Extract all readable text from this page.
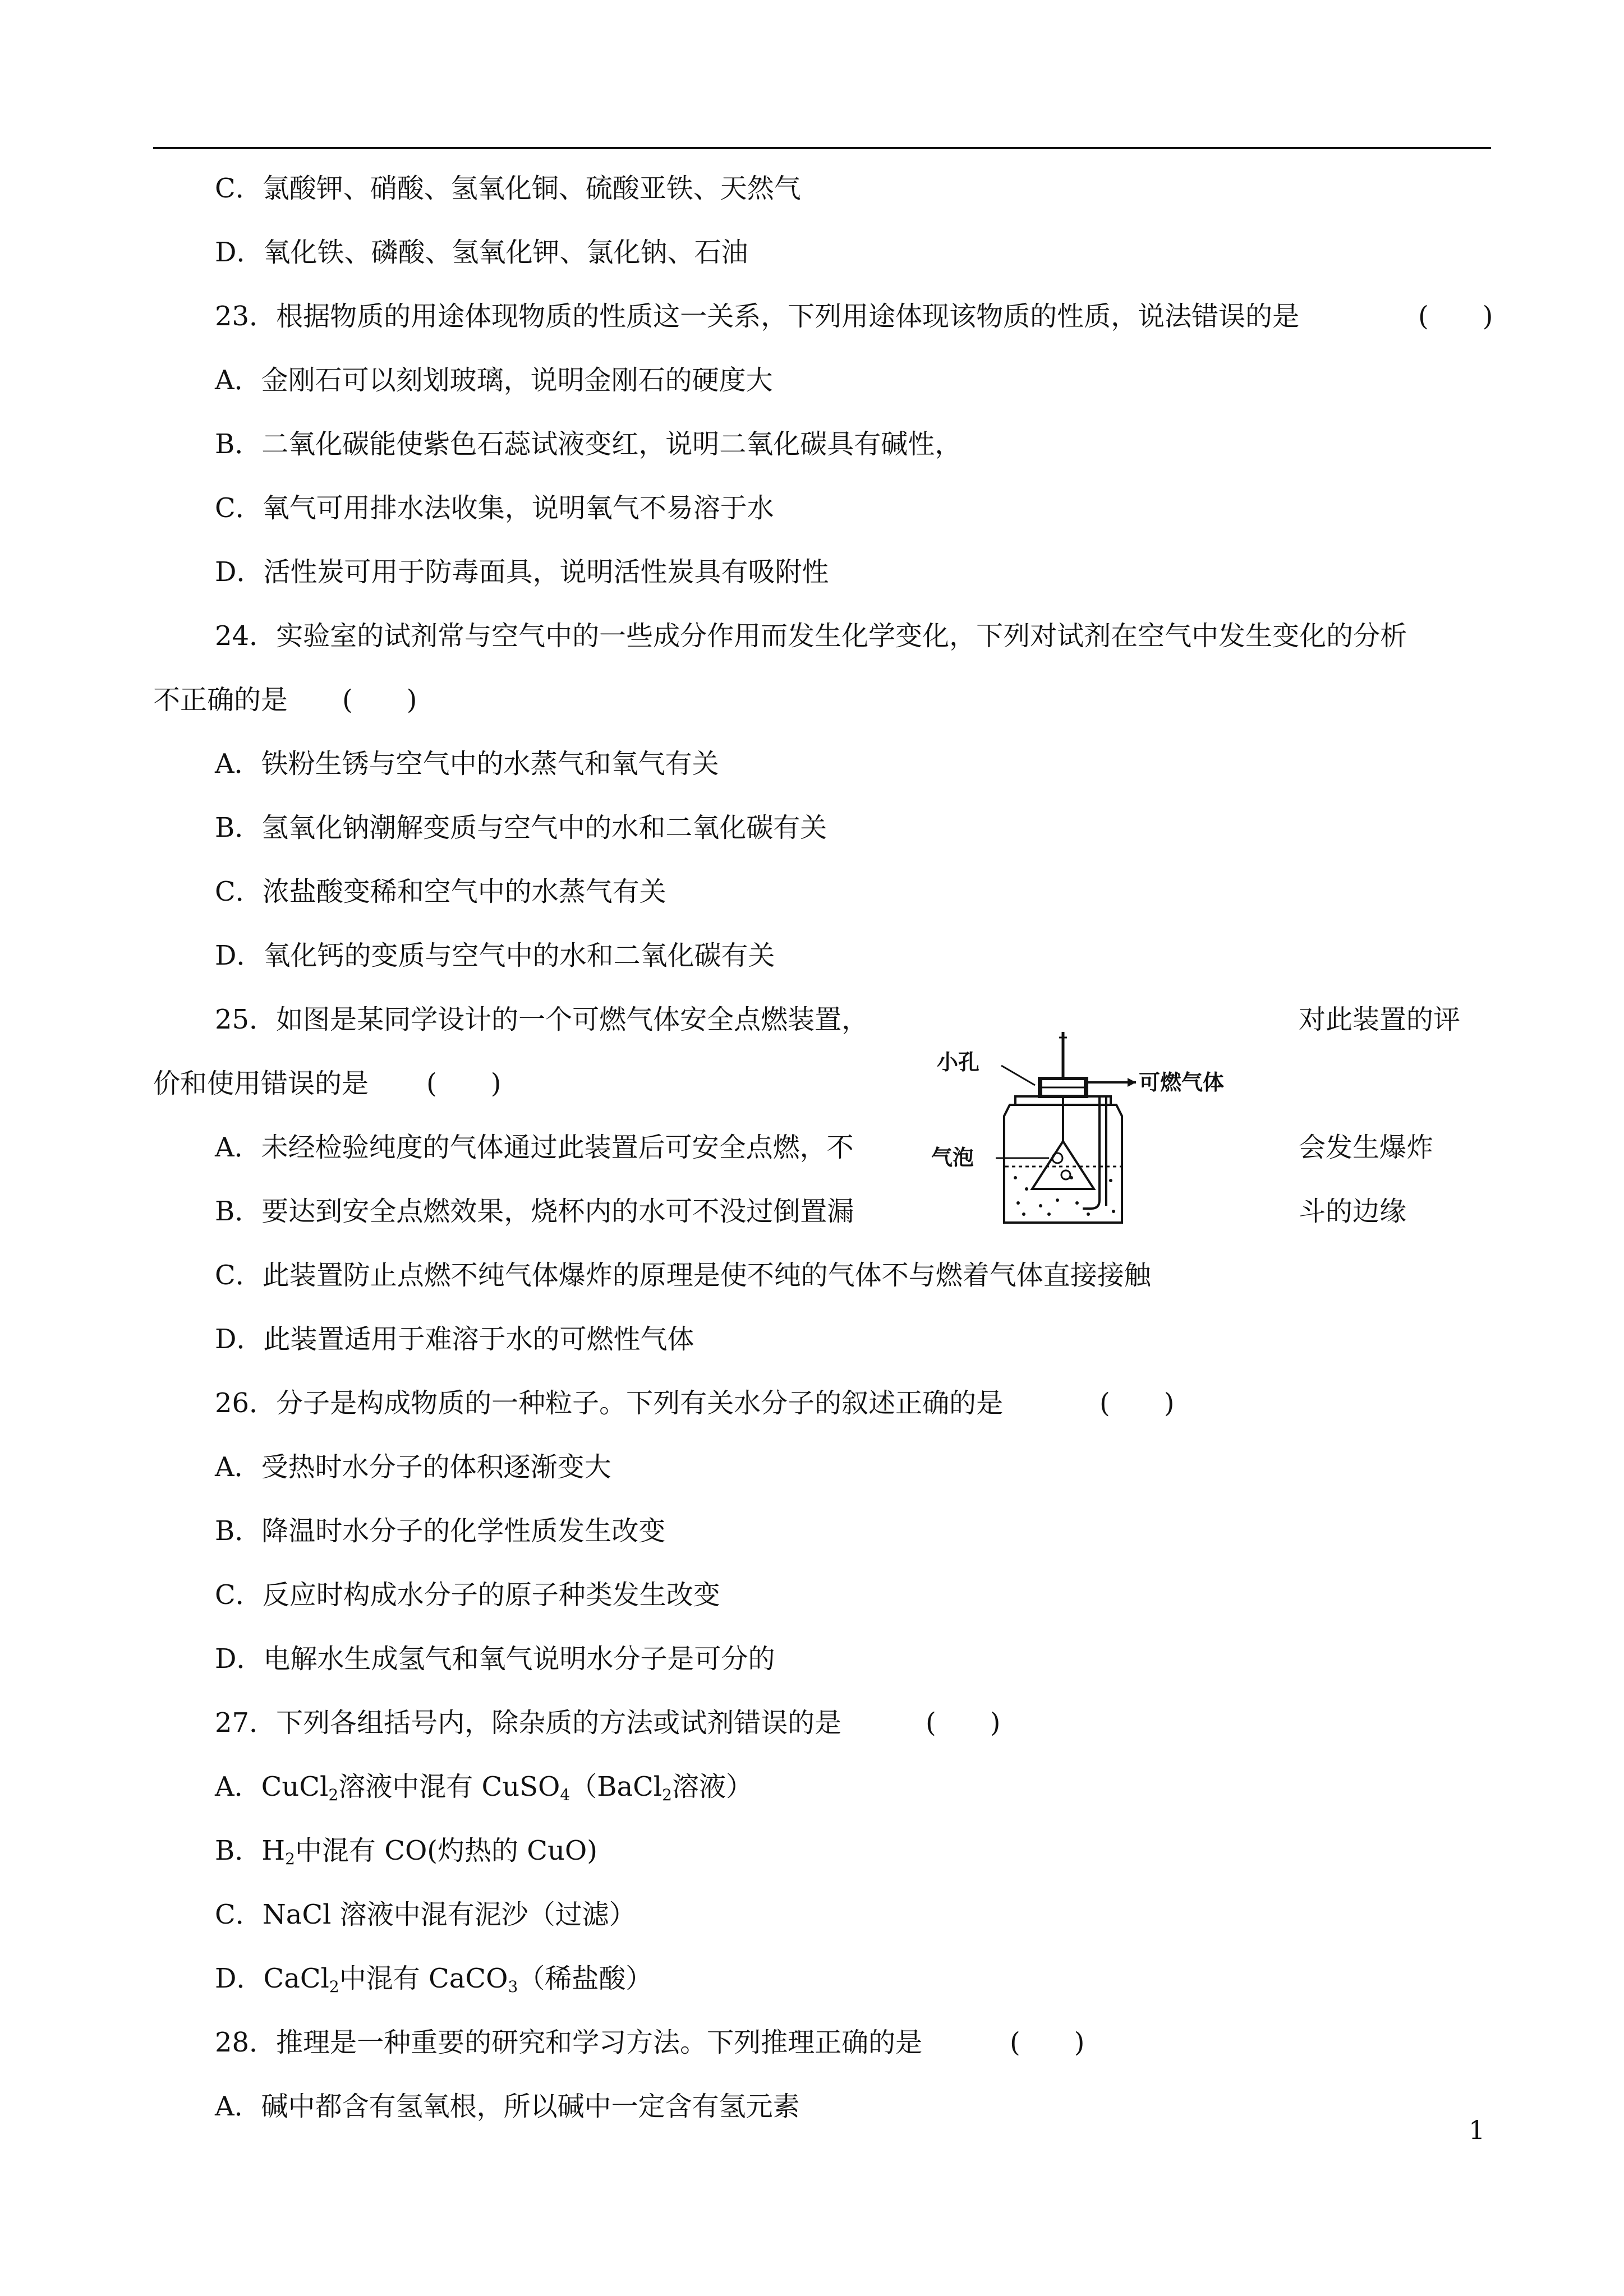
C．氯酸钾、硝酸、氢氧化铜、硫酸亚铁、天然气
D．氧化铁、磷酸、氢氧化钾、氯化钠、石油
23．根据物质的用途体现物质的性质这一关系，下列用途体现该物质的性质，说法错误的是	(　　)
A．金刚石可以刻划玻璃，说明金刚石的硬度大
B．二氧化碳能使紫色石蕊试液变红，说明二氧化碳具有碱性，
C．氧气可用排水法收集，说明氧气不易溶于水
D．活性炭可用于防毒面具，说明活性炭具有吸附性
24．实验室的试剂常与空气中的一些成分作用而发生化学变化，下列对试剂在空气中发生变化的分析
不正确的是 (　　)
A．铁粉生锈与空气中的水蒸气和氧气有关
B．氢氧化钠潮解变质与空气中的水和二氧化碳有关
C．浓盐酸变稀和空气中的水蒸气有关
D．氧化钙的变质与空气中的水和二氧化碳有关
25．如图是某同学设计的一个可燃气体安全点燃装置，	对此装置的评
价和使用错误的是 (　　)
A．未经检验纯度的气体通过此装置后可安全点燃，不	会发生爆炸
B．要达到安全点燃效果，烧杯内的水可不没过倒置漏	斗的边缘
C．此装置防止点燃不纯气体爆炸的原理是使不纯的气体不与燃着气体直接接触
D．此装置适用于难溶于水的可燃性气体
小孔
可燃气体
气泡
26．分子是构成物质的一种粒子。下列有关水分子的叙述正确的是	(　　)
A．受热时水分子的体积逐渐变大
B．降温时水分子的化学性质发生改变
C．反应时构成水分子的原子种类发生改变
D．电解水生成氢气和氧气说明水分子是可分的
27．下列各组括号内，除杂质的方法或试剂错误的是	(　　)
A．CuCl$_2$溶液中混有 CuSO$_4$（BaCl$_2$溶液）
B．$H_2$中混有 CO(灼热的 CuO)
C．NaCl 溶液中混有泥沙（过滤）
D．CaCl$_2$中混有 CaCO$_3$（稀盐酸）
28．推理是一种重要的研究和学习方法。下列推理正确的是	(　　)
A．碱中都含有氢氧根，所以碱中一定含有氢元素
1
